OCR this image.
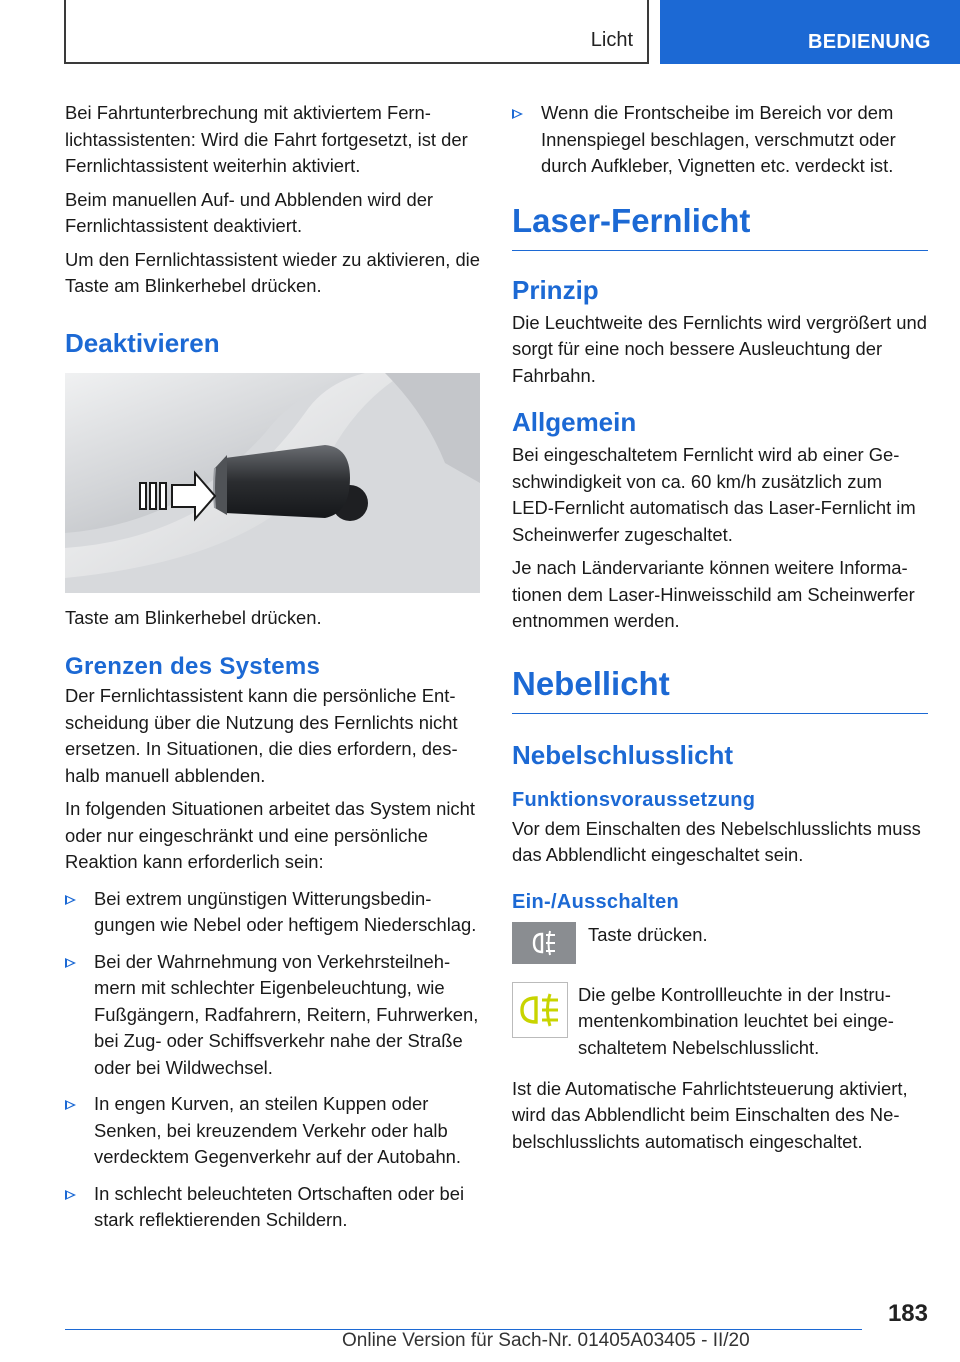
Licht	BEDIENUNG

Bei Fahrtunterbrechung mit aktiviertem Fernlichtassistenten: Wird die Fahrt fortgesetzt, ist der Fernlichtassistent weiterhin aktiviert.

Beim manuellen Auf- und Abblenden wird der Fernlichtassistent deaktiviert.

Um den Fernlichtassistent wieder zu aktivieren, die Taste am Blinkerhebel drücken.

Deaktivieren

Taste am Blinkerhebel drücken.

Grenzen des Systems

Der Fernlichtassistent kann die persönliche Entscheidung über die Nutzung des Fernlichts nicht ersetzen. In Situationen, die dies erfordern, deshalb manuell abblenden.

In folgenden Situationen arbeitet das System nicht oder nur eingeschränkt und eine persönliche Reaktion kann erforderlich sein:

Bei extrem ungünstigen Witterungsbedingungen wie Nebel oder heftigem Niederschlag.
Bei der Wahrnehmung von Verkehrsteilnehmern mit schlechter Eigenbeleuchtung, wie Fußgängern, Radfahrern, Reitern, Fuhrwerken, bei Zug- oder Schiffsverkehr nahe der Straße oder bei Wildwechsel.
In engen Kurven, an steilen Kuppen oder Senken, bei kreuzendem Verkehr oder halb verdecktem Gegenverkehr auf der Autobahn.
In schlecht beleuchteten Ortschaften oder bei stark reflektierenden Schildern.
Wenn die Frontscheibe im Bereich vor dem Innenspiegel beschlagen, verschmutzt oder durch Aufkleber, Vignetten etc. verdeckt ist.
Laser-Fernlicht
Prinzip

Die Leuchtweite des Fernlichts wird vergrößert und sorgt für eine noch bessere Ausleuchtung der Fahrbahn.

Allgemein

Bei eingeschaltetem Fernlicht wird ab einer Geschwindigkeit von ca. 60 km/h zusätzlich zum LED-Fernlicht automatisch das Laser-Fernlicht im Scheinwerfer zugeschaltet.

Je nach Ländervariante können weitere Informationen dem Laser-Hinweisschild am Scheinwerfer entnommen werden.

Nebellicht
Nebelschlusslicht
Funktionsvoraussetzung

Vor dem Einschalten des Nebelschlusslichts muss das Abblendlicht eingeschaltet sein.

Ein-/Ausschalten

Taste drücken.

Die gelbe Kontrollleuchte in der Instrumentenkombination leuchtet bei eingeschaltetem Nebelschlusslicht.

Ist die Automatische Fahrlichtsteuerung aktiviert, wird das Abblendlicht beim Einschalten des Nebelschlusslichts automatisch eingeschaltet.

183
Online Version für Sach-Nr. 01405A03405 - II/20
